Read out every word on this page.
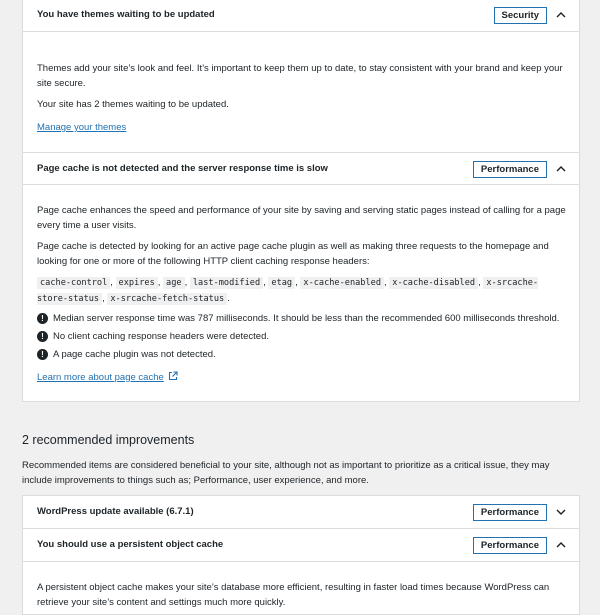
You have themes waiting to be updated	Security
Themes add your site’s look and feel. It’s important to keep them up to date, to stay consistent with your brand and keep your site secure.
Your site has 2 themes waiting to be updated.
Manage your themes
Page cache is not detected and the server response time is slow	Performance
Page cache enhances the speed and performance of your site by saving and serving static pages instead of calling for a page every time a user visits.
Page cache is detected by looking for an active page cache plugin as well as making three requests to the homepage and looking for one or more of the following HTTP client caching response headers:
cache-control , expires , age , last-modified , etag , x-cache-enabled , x-cache-disabled , x-srcache-store-status , x-srcache-fetch-status .
! Median server response time was 787 milliseconds. It should be less than the recommended 600 milliseconds threshold.
! No client caching response headers were detected.
! A page cache plugin was not detected.
Learn more about page cache
2 recommended improvements
Recommended items are considered beneficial to your site, although not as important to prioritize as a critical issue, they may include improvements to things such as; Performance, user experience, and more.
WordPress update available (6.7.1)	Performance
You should use a persistent object cache	Performance
A persistent object cache makes your site’s database more efficient, resulting in faster load times because WordPress can retrieve your site’s content and settings much more quickly.
